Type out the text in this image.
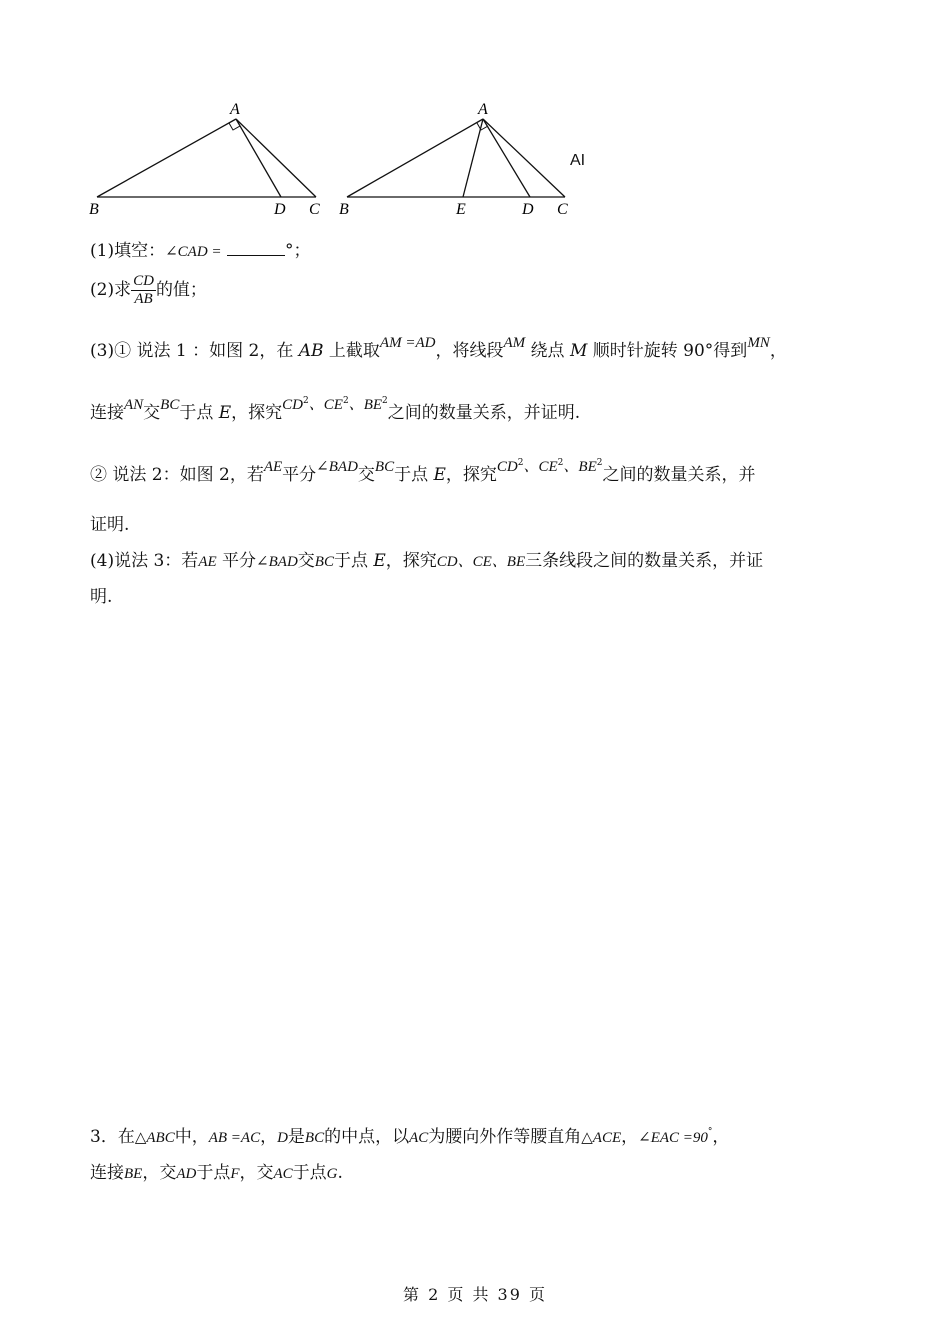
A
B	D C
A
B	E	D C
AI
(1)填空：∠CAD =	°；
(2)求 $\frac{CD}{AB}$ 的值；
(3)① 说法 1 ：如图 2，在 AB 上截取AM =AD，将线段AM 绕点 M 顺时针旋转 90°得到MN，
连接AN交BC于点 E，探究$CD^2$、$CE^2$、$BE^2$之间的数量关系，并证明.
② 说法 2：如图 2，若AE平分∠BAD交BC于点 E，探究$CD^2$、$CE^2$、$BE^2$之间的数量关系，并
证明.
(4)说法 3：若AE 平分∠BAD交BC于点 E，探究CD、CE、BE三条线段之间的数量关系，并证
明.
3．在△ABC中，AB =AC，D是BC的中点，以AC为腰向外作等腰直角△ACE，∠EAC =90°，
连接BE，交AD于点F，交AC于点G.
第 2 页 共 39 页
